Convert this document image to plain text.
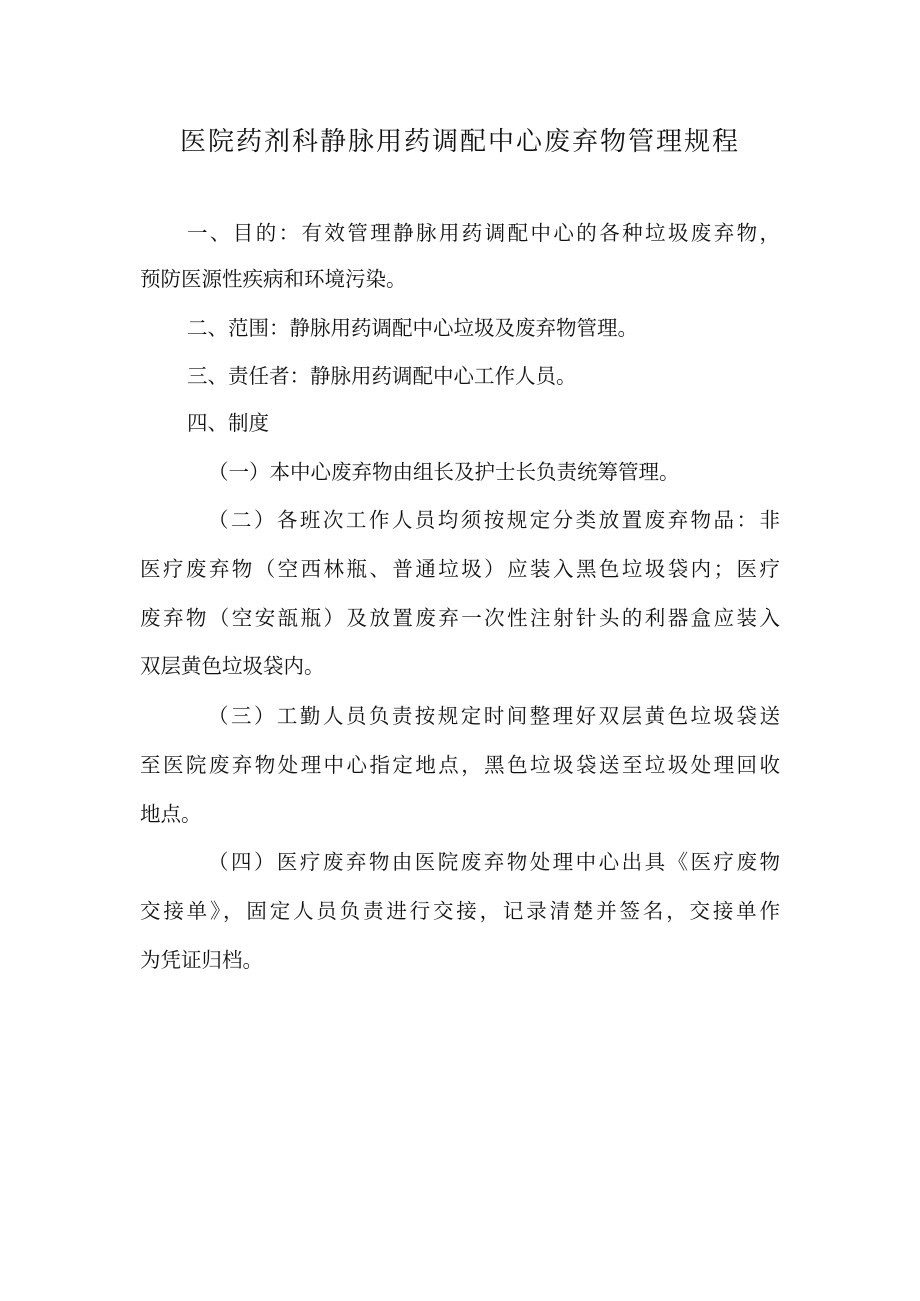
医院药剂科静脉用药调配中心废弃物管理规程
一、目的：有效管理静脉用药调配中心的各种垃圾废弃物，
预防医源性疾病和环境污染。
二、范围：静脉用药调配中心垃圾及废弃物管理。
三、责任者：静脉用药调配中心工作人员。
四、制度
（一）本中心废弃物由组长及护士长负责统筹管理。
（二）各班次工作人员均须按规定分类放置废弃物品：非
医疗废弃物（空西林瓶、普通垃圾）应装入黑色垃圾袋内；医疗
废弃物（空安瓿瓶）及放置废弃一次性注射针头的利器盒应装入
双层黄色垃圾袋内。
（三）工勤人员负责按规定时间整理好双层黄色垃圾袋送
至医院废弃物处理中心指定地点，黑色垃圾袋送至垃圾处理回收
地点。
（四）医疗废弃物由医院废弃物处理中心出具《医疗废物
交接单》，固定人员负责进行交接，记录清楚并签名，交接单作
为凭证归档。
